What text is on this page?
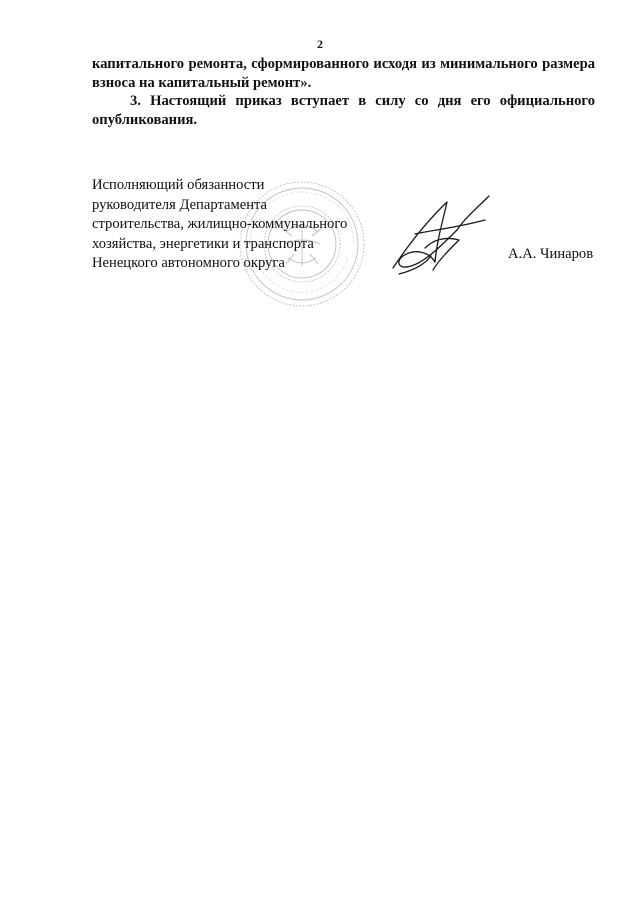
2
капитального ремонта, сформированного исходя из минимального размера взноса на капитальный ремонт».
3. Настоящий приказ вступает в силу со дня его официального опубликования.
Исполняющий обязанности
руководителя Департамента
строительства, жилищно-коммунального
хозяйства, энергетики и транспорта
Ненецкого автономного округа
А.А. Чинаров
